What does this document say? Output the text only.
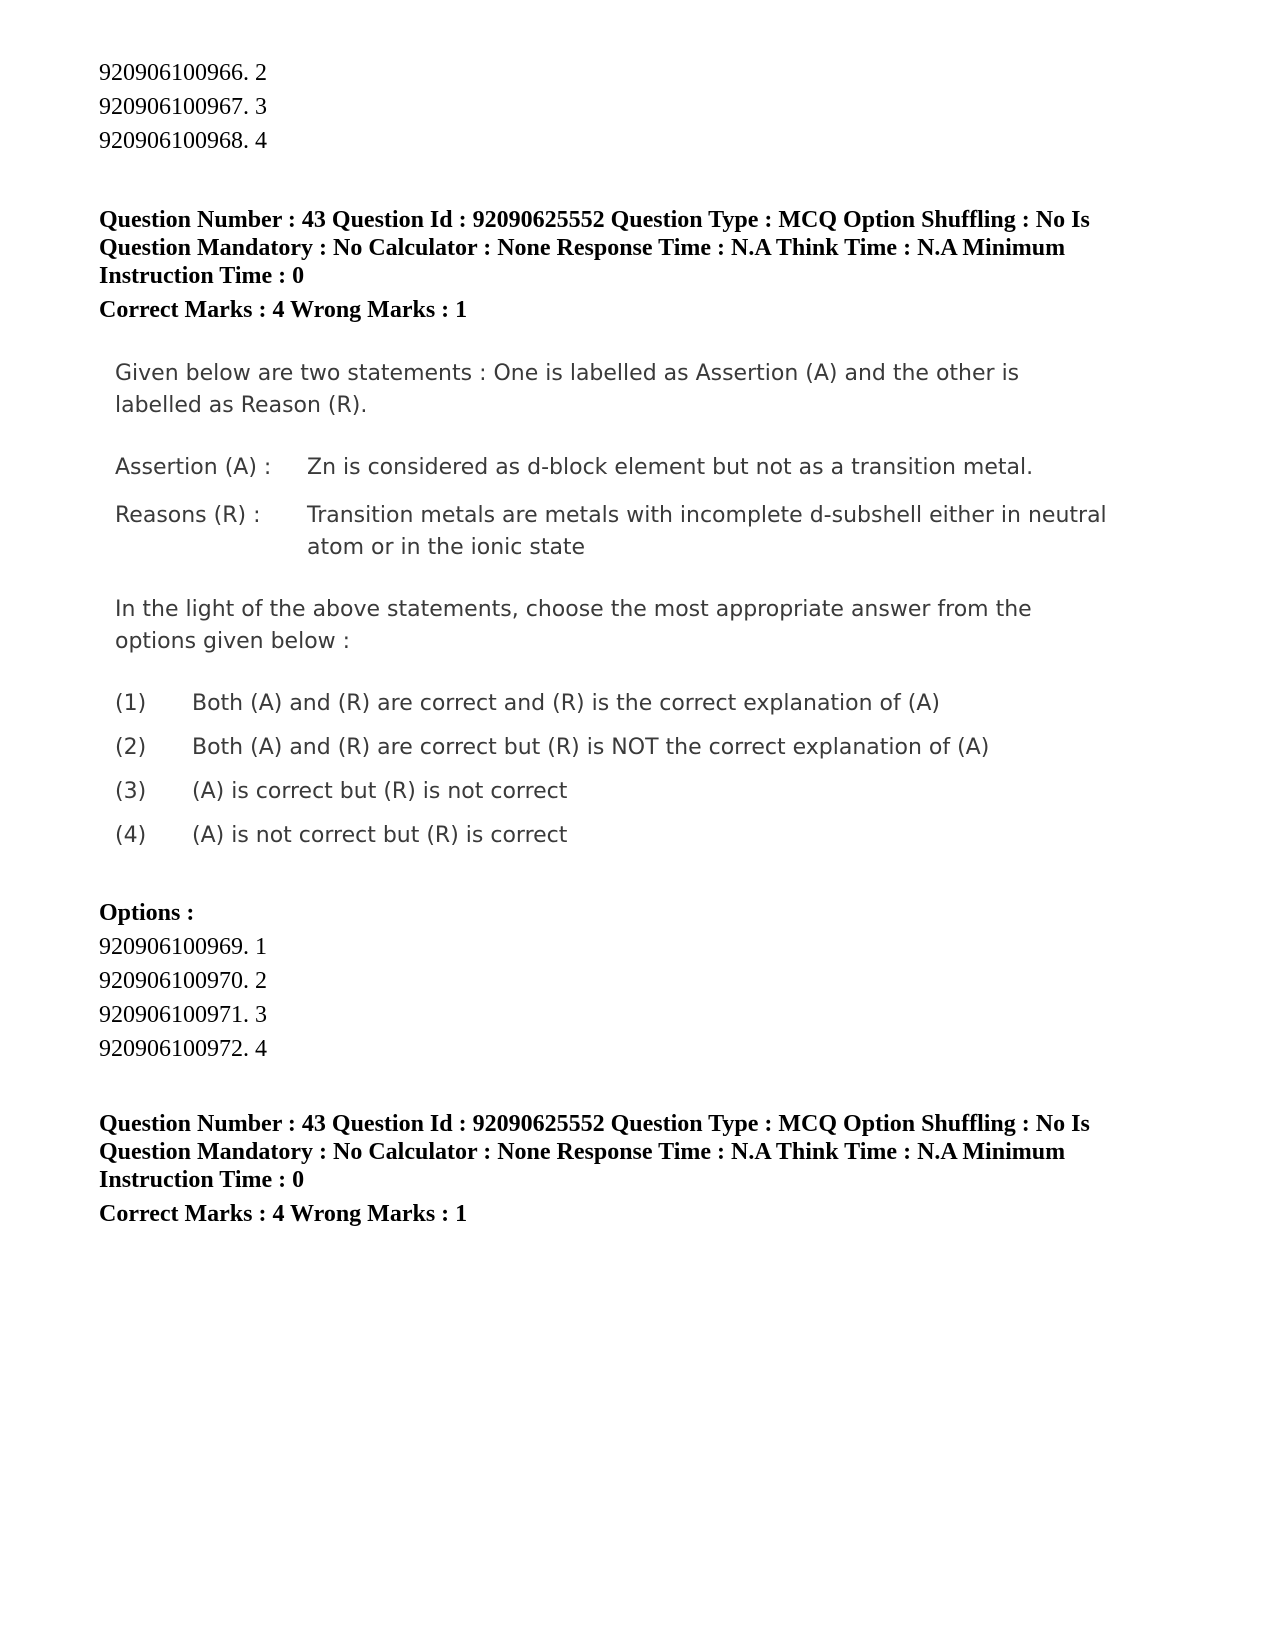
920906100966. 2
920906100967. 3
920906100968. 4
Question Number : 43 Question Id : 92090625552 Question Type : MCQ Option Shuffling : No Is
Question Mandatory : No Calculator : None Response Time : N.A Think Time : N.A Minimum
Instruction Time : 0
Correct Marks : 4 Wrong Marks : 1

Given below are two statements : One is labelled as Assertion (A) and the other is

labelled as Reason (R).

Assertion (A) :	Zn is considered as d-block element but not as a transition metal.
Reasons (R) :	Transition metals are metals with incomplete d-subshell either in neutral
atom or in the ionic state

In the light of the above statements, choose the most appropriate answer from the

options given below :

(1)	Both (A) and (R) are correct and (R) is the correct explanation of (A)
(2)	Both (A) and (R) are correct but (R) is NOT the correct explanation of (A)
(3)	(A) is correct but (R) is not correct
(4)	(A) is not correct but (R) is correct
Options :
920906100969. 1
920906100970. 2
920906100971. 3
920906100972. 4
Question Number : 43 Question Id : 92090625552 Question Type : MCQ Option Shuffling : No Is
Question Mandatory : No Calculator : None Response Time : N.A Think Time : N.A Minimum
Instruction Time : 0
Correct Marks : 4 Wrong Marks : 1
